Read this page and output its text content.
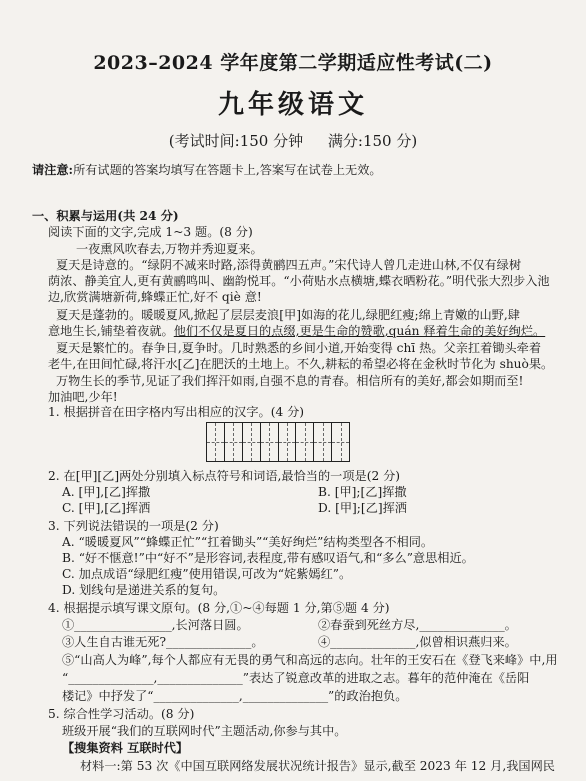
2023–2024 学年度第二学期适应性考试(二)
九年级语文
(考试时间:150 分钟 满分:150 分)
请注意:所有试题的答案均填写在答题卡上,答案写在试卷上无效。
一、积累与运用(共 24 分)
阅读下面的文字,完成 1~3 题。(8 分)
一夜熏风吹春去,万物并秀迎夏来。
夏天是诗意的。“绿阴不减来时路,添得黄鹂四五声。”宋代诗人曾几走进山林,不仅有绿树
荫浓、静美宜人,更有黄鹂鸣叫、幽韵悦耳。“小荷贴水点横塘,蝶衣晒粉花。”明代张大烈步入池
边,欣赏满塘新荷,蜂蝶正忙,好不 qiè 意!
夏天是蓬勃的。暖暖夏风,掀起了层层麦浪[甲]如海的花儿,绿肥红瘦;绵上青嫩的山野,肆
意地生长,铺垫着夜就。他们不仅是夏日的点缀,更是生命的赞歌,quán 释着生命的美好绚烂。
夏天是繁忙的。春争日,夏争时。几时熟悉的乡间小道,开始变得 chī 热。父亲扛着锄头牵着
老牛,在田间忙碌,将汗水[乙]在肥沃的土地上。不久,耕耘的希望必将在金秋时节化为 shuò果。
万物生长的季节,见证了我们挥汗如雨,自强不息的青春。相信所有的美好,都会如期而至!
加油吧,少年!
1. 根据拼音在田字格内写出相应的汉字。(4 分)
2. 在[甲][乙]两处分别填入标点符号和词语,最恰当的一项是(2 分)
A. [甲],[乙]挥撒	B. [甲];[乙]挥撒
C. [甲],[乙]挥洒	D. [甲];[乙]挥洒
3. 下列说法错误的一项是(2 分)
A. “暖暖夏风”“蜂蝶正忙”“扛着锄头”“美好绚烂”结构类型各不相同。
B. “好不惬意!”中“好不”是形容词,表程度,带有感叹语气,和“多么”意思相近。
C. 加点成语“绿肥红瘦”使用错误,可改为“姹紫嫣红”。
D. 划线句是递进关系的复句。
4. 根据提示填写课文原句。(8 分,①~④每题 1 分,第⑤题 4 分)
①________________,长河落日圆。	②春蚕到死丝方尽,______________。
③人生自古谁无死?______________。	④______________,似曾相识燕归来。
⑤“山高人为峰”,每个人都应有无畏的勇气和高远的志向。壮年的王安石在《登飞来峰》中,用
“______________,______________”表达了锐意改革的进取之志。暮年的范仲淹在《岳阳
楼记》中抒发了“______________,______________”的政治抱负。
5. 综合性学习活动。(8 分)
班级开展“我们的互联网时代”主题活动,你参与其中。
【搜集资料 互联时代】
材料一:第 53 次《中国互联网络发展状况统计报告》显示,截至 2023 年 12 月,我国网民
